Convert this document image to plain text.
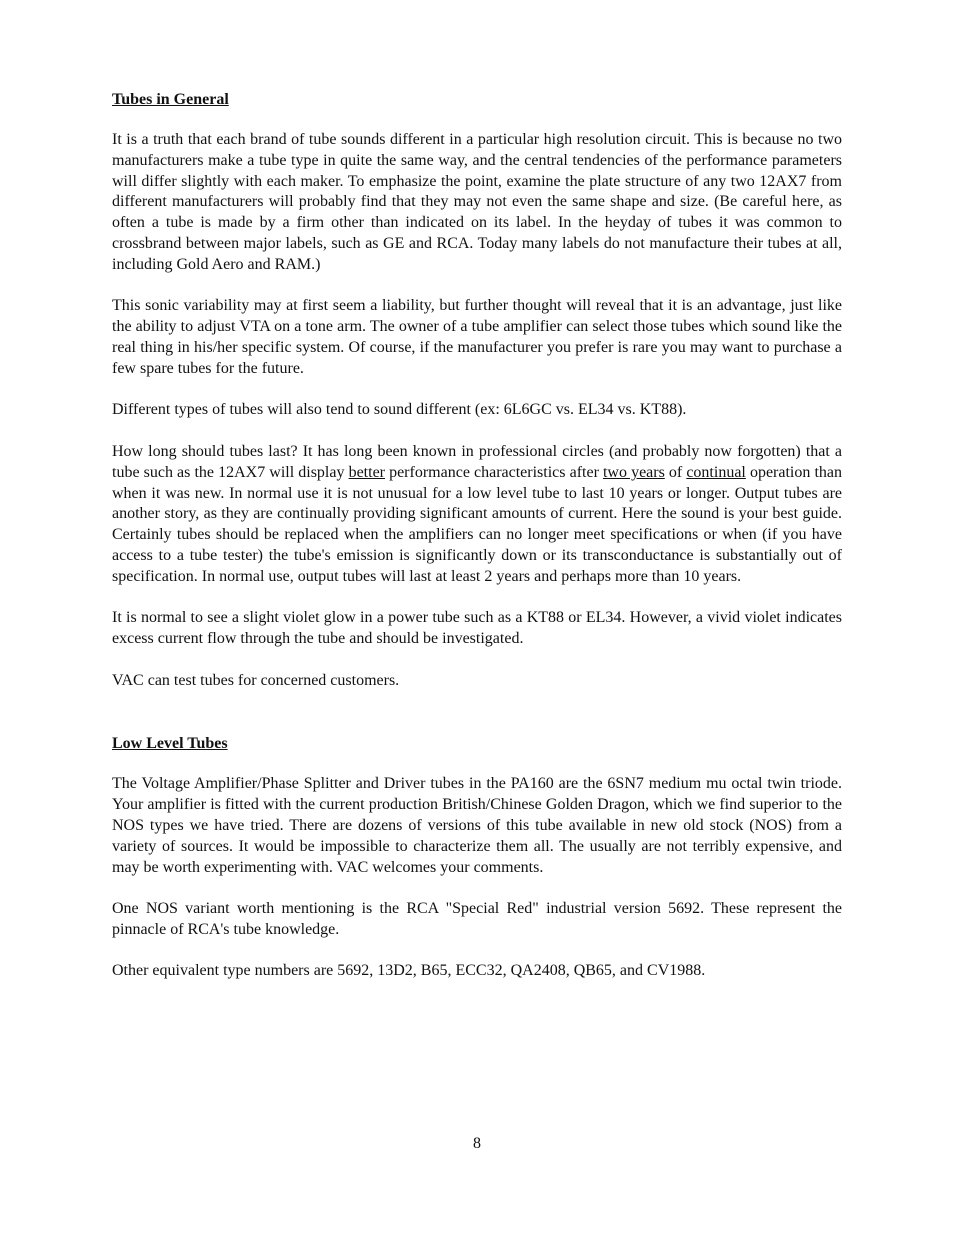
Tubes in General

It is a truth that each brand of tube sounds different in a particular high resolution circuit. This is because no two manufacturers make a tube type in quite the same way, and the central tendencies of the performance parameters will differ slightly with each maker. To emphasize the point, examine the plate structure of any two 12AX7 from different manufacturers will probably find that they may not even the same shape and size. (Be careful here, as often a tube is made by a firm other than indicated on its label. In the heyday of tubes it was common to crossbrand between major labels, such as GE and RCA. Today many labels do not manufacture their tubes at all, including Gold Aero and RAM.)

This sonic variability may at first seem a liability, but further thought will reveal that it is an advantage, just like the ability to adjust VTA on a tone arm. The owner of a tube amplifier can select those tubes which sound like the real thing in his/her specific system. Of course, if the manufacturer you prefer is rare you may want to purchase a few spare tubes for the future.

Different types of tubes will also tend to sound different (ex: 6L6GC vs. EL34 vs. KT88).

How long should tubes last? It has long been known in professional circles (and probably now forgotten) that a tube such as the 12AX7 will display better performance characteristics after two years of continual operation than when it was new. In normal use it is not unusual for a low level tube to last 10 years or longer. Output tubes are another story, as they are continually providing significant amounts of current. Here the sound is your best guide. Certainly tubes should be replaced when the amplifiers can no longer meet specifications or when (if you have access to a tube tester) the tube's emission is significantly down or its transconductance is substantially out of specification. In normal use, output tubes will last at least 2 years and perhaps more than 10 years.

It is normal to see a slight violet glow in a power tube such as a KT88 or EL34. However, a vivid violet indicates excess current flow through the tube and should be investigated.

VAC can test tubes for concerned customers.

Low Level Tubes

The Voltage Amplifier/Phase Splitter and Driver tubes in the PA160 are the 6SN7 medium mu octal twin triode. Your amplifier is fitted with the current production British/Chinese Golden Dragon, which we find superior to the NOS types we have tried. There are dozens of versions of this tube available in new old stock (NOS) from a variety of sources. It would be impossible to characterize them all. The usually are not terribly expensive, and may be worth experimenting with. VAC welcomes your comments.

One NOS variant worth mentioning is the RCA "Special Red" industrial version 5692. These represent the pinnacle of RCA's tube knowledge.

Other equivalent type numbers are 5692, 13D2, B65, ECC32, QA2408, QB65, and CV1988.

8
